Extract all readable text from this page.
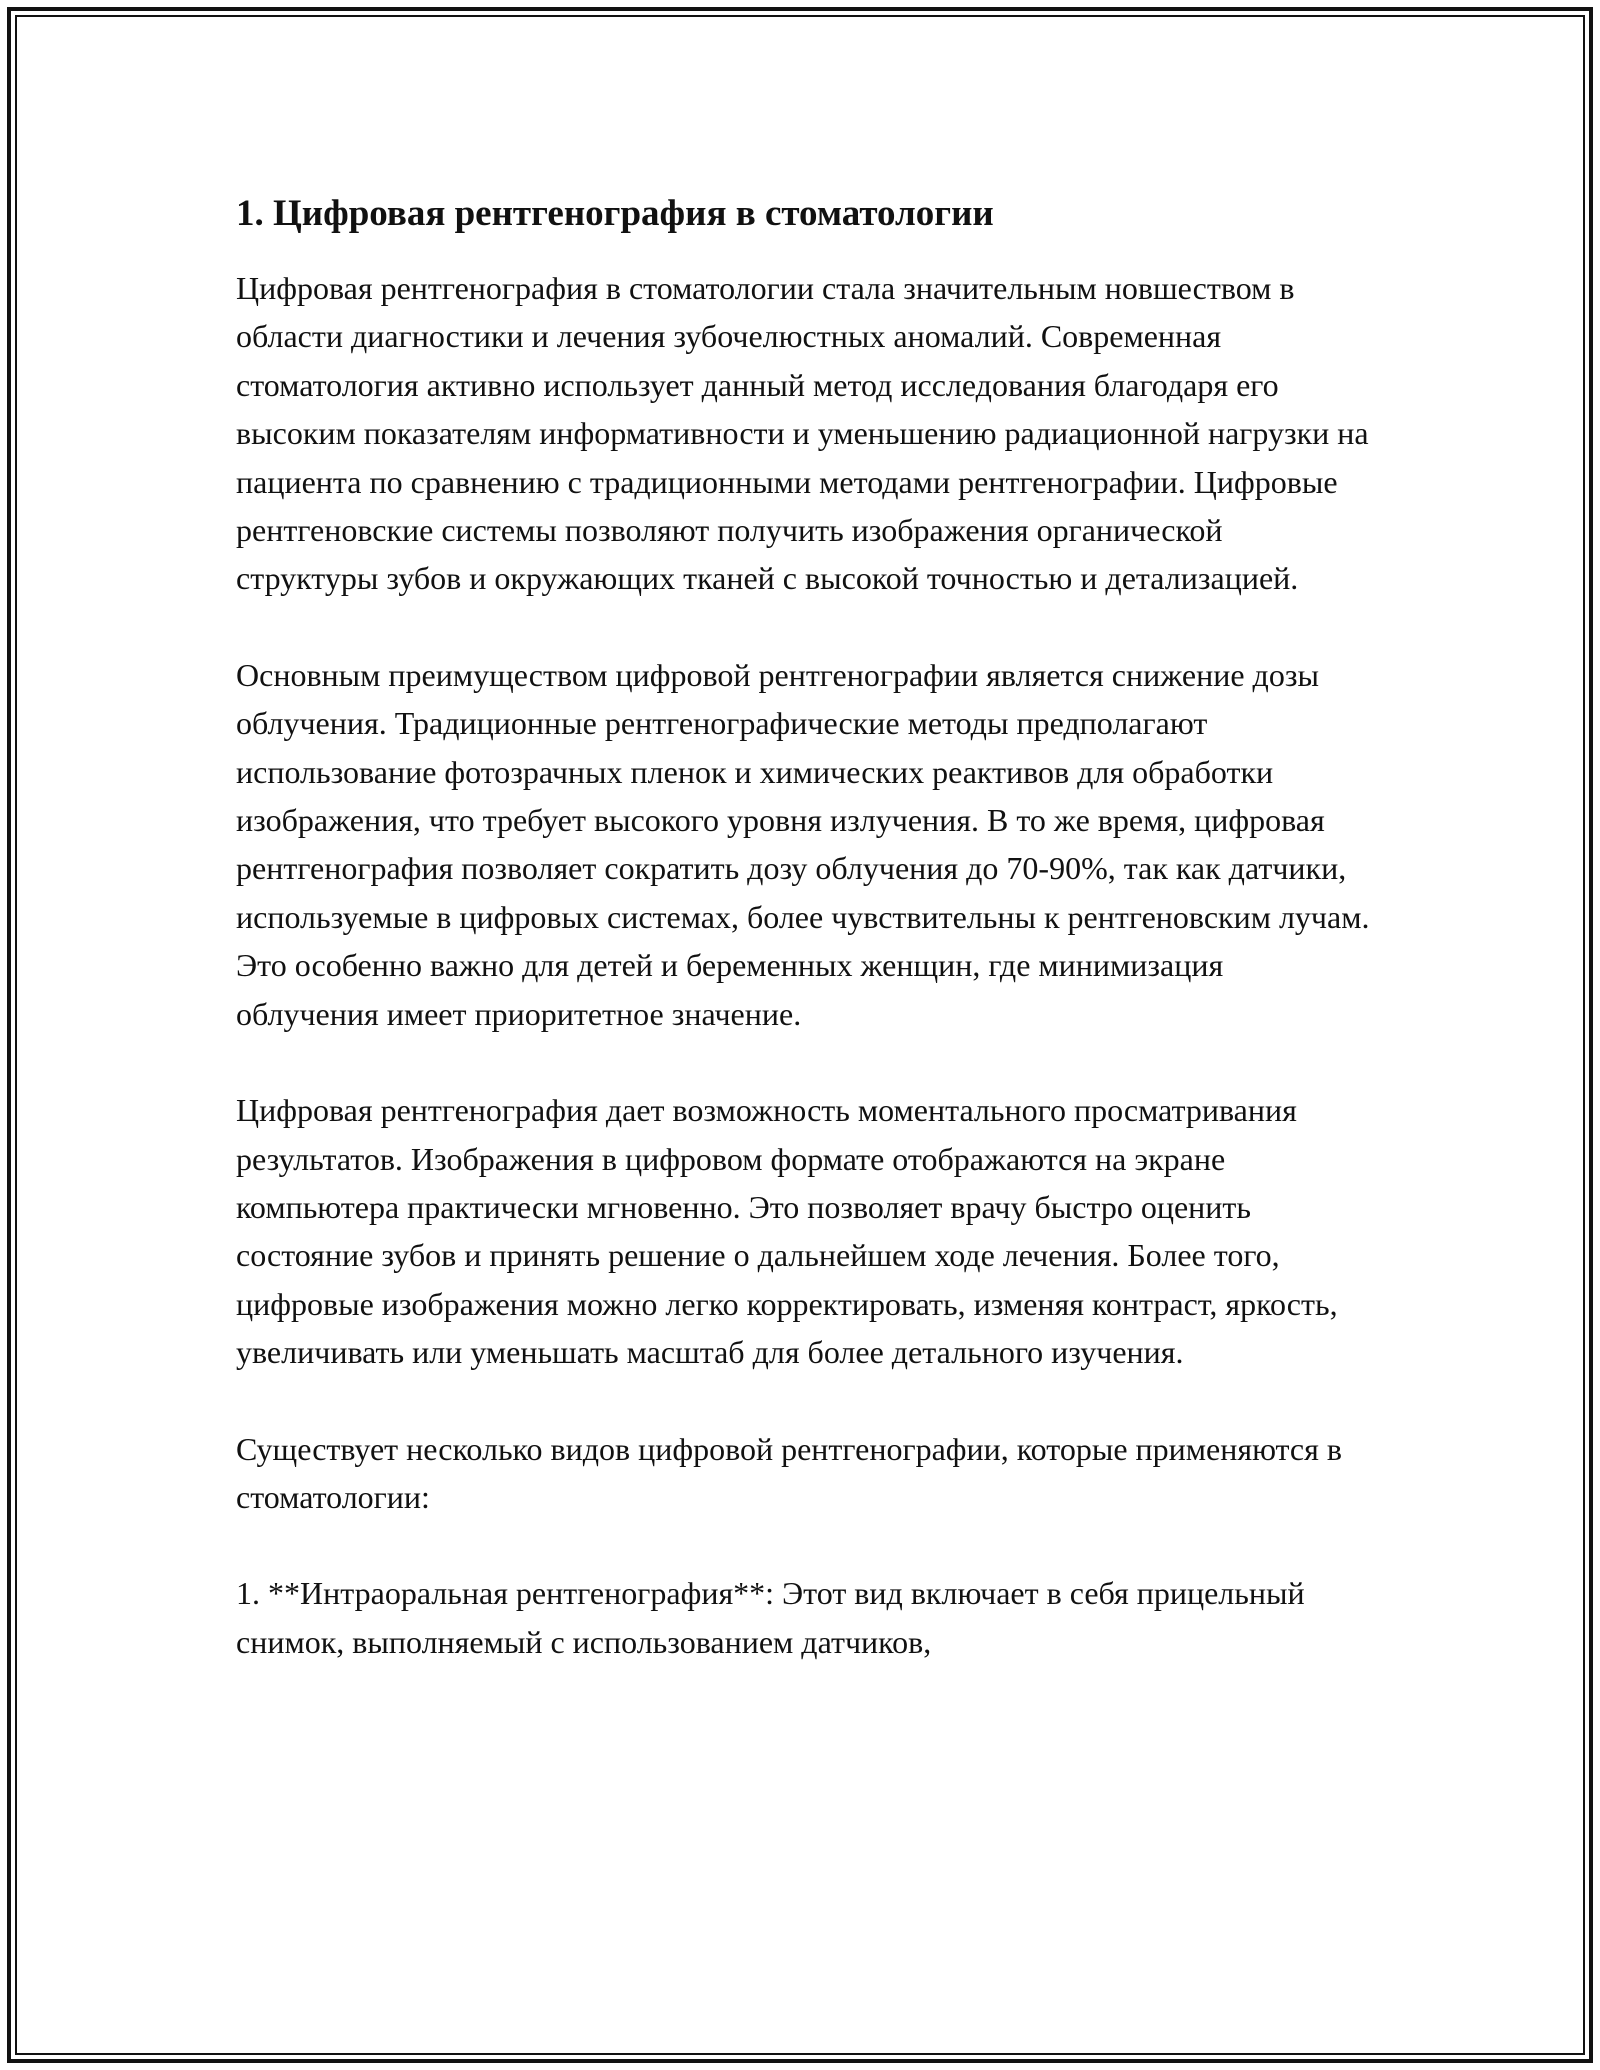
1. Цифровая рентгенография в стоматологии

Цифровая рентгенография в стоматологии стала значительным новшеством в области диагностики и лечения зубочелюстных аномалий. Современная стоматология активно использует данный метод исследования благодаря его высоким показателям информативности и уменьшению радиационной нагрузки на пациента по сравнению с традиционными методами рентгенографии. Цифровые рентгеновские системы позволяют получить изображения органической структуры зубов и окружающих тканей с высокой точностью и детализацией.

Основным преимуществом цифровой рентгенографии является снижение дозы облучения. Традиционные рентгенографические методы предполагают использование фотозрачных пленок и химических реактивов для обработки изображения, что требует высокого уровня излучения. В то же время, цифровая рентгенография позволяет сократить дозу облучения до 70-90%, так как датчики, используемые в цифровых системах, более чувствительны к рентгеновским лучам. Это особенно важно для детей и беременных женщин, где минимизация облучения имеет приоритетное значение.

Цифровая рентгенография дает возможность моментального просматривания результатов. Изображения в цифровом формате отображаются на экране компьютера практически мгновенно. Это позволяет врачу быстро оценить состояние зубов и принять решение о дальнейшем ходе лечения. Более того, цифровые изображения можно легко корректировать, изменяя контраст, яркость, увеличивать или уменьшать масштаб для более детального изучения.

Существует несколько видов цифровой рентгенографии, которые применяются в стоматологии:

1. **Интраоральная рентгенография**: Этот вид включает в себя прицельный снимок, выполняемый с использованием датчиков,
